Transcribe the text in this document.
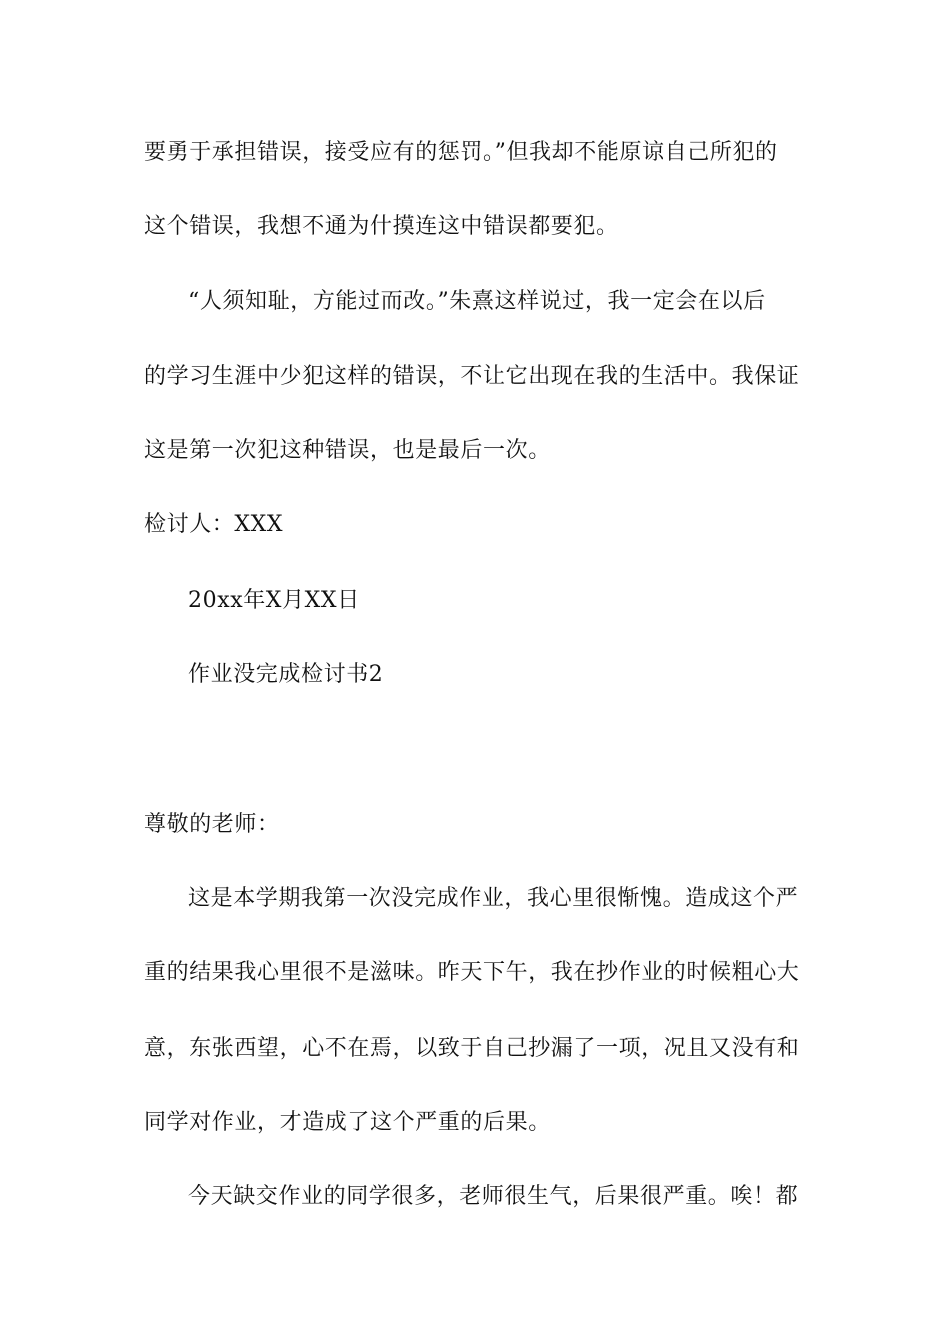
要勇于承担错误，接受应有的惩罚。”但我却不能原谅自己所犯的
这个错误，我想不通为什摸连这中错误都要犯。
“人须知耻，方能过而改。”朱熹这样说过，我一定会在以后
的学习生涯中少犯这样的错误，不让它出现在我的生活中。我保证
这是第一次犯这种错误，也是最后一次。
检讨人：XXX
20xx年X月XX日
作业没完成检讨书2
尊敬的老师：
这是本学期我第一次没完成作业，我心里很惭愧。造成这个严
重的结果我心里很不是滋味。昨天下午，我在抄作业的时候粗心大
意，东张西望，心不在焉，以致于自己抄漏了一项，况且又没有和
同学对作业，才造成了这个严重的后果。
今天缺交作业的同学很多，老师很生气，后果很严重。唉！都
